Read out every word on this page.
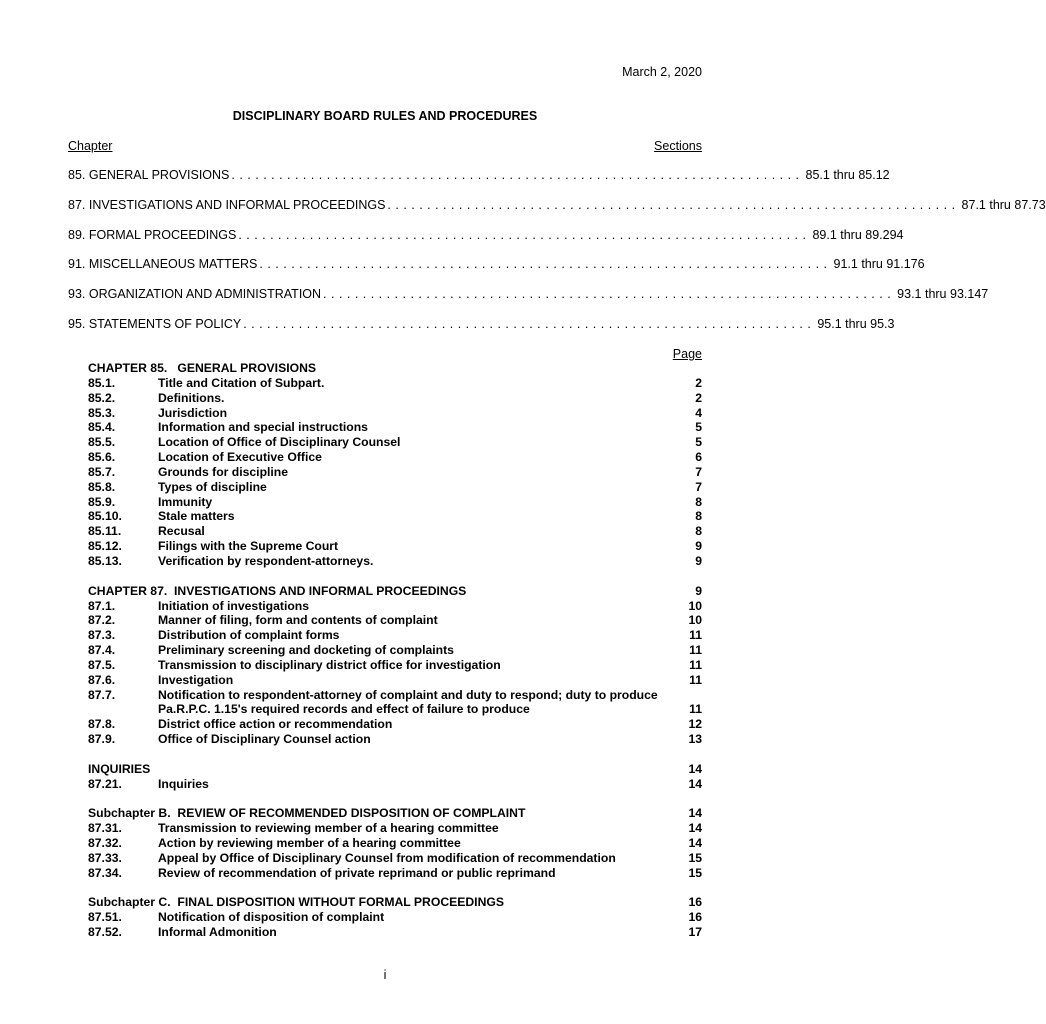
March 2, 2020
DISCIPLINARY BOARD RULES AND PROCEDURES
Chapter	Sections
85. GENERAL PROVISIONS . . . . . . . . . . . . . . . . . . . . . . . . . . . . . . . . . . . . . . . . . . . . . . . . . . . . . . . . . . . . . . . . . . . . . . . . 85.1 thru 85.12
87. INVESTIGATIONS AND INFORMAL PROCEEDINGS . . . . . . . . . . . . . . . . . . . . . . . . . . . . . . . . . . . . . . . . . . . . . . . . . . . . . . . . . . . . . . . . . . . . . . . . 87.1 thru 87.73
89. FORMAL PROCEEDINGS . . . . . . . . . . . . . . . . . . . . . . . . . . . . . . . . . . . . . . . . . . . . . . . . . . . . . . . . . . . . . . . . . . . . . . . . 89.1 thru 89.294
91. MISCELLANEOUS MATTERS . . . . . . . . . . . . . . . . . . . . . . . . . . . . . . . . . . . . . . . . . . . . . . . . . . . . . . . . . . . . . . . . . . . . . . . . 91.1 thru 91.176
93. ORGANIZATION AND ADMINISTRATION . . . . . . . . . . . . . . . . . . . . . . . . . . . . . . . . . . . . . . . . . . . . . . . . . . . . . . . . . . . . . . . . . . . . . . . . 93.1 thru 93.147
95. STATEMENTS OF POLICY . . . . . . . . . . . . . . . . . . . . . . . . . . . . . . . . . . . . . . . . . . . . . . . . . . . . . . . . . . . . . . . . . . . . . . . . 95.1 thru 95.3
Page
CHAPTER 85.   GENERAL PROVISIONS
85.1.	Title and Citation of Subpart.	2
85.2.	Definitions.	2
85.3.	Jurisdiction	4
85.4.	Information and special instructions	5
85.5.	Location of Office of Disciplinary Counsel	5
85.6.	Location of Executive Office	6
85.7.	Grounds for discipline	7
85.8.	Types of discipline	7
85.9.	Immunity	8
85.10.	Stale matters	8
85.11.	Recusal	8
85.12.	Filings with the Supreme Court	9
85.13.	Verification by respondent-attorneys.	9
CHAPTER 87.  INVESTIGATIONS AND INFORMAL PROCEEDINGS	9
87.1.	Initiation of investigations	10
87.2.	Manner of filing, form and contents of complaint	10
87.3.	Distribution of complaint forms	11
87.4.	Preliminary screening and docketing of complaints	11
87.5.	Transmission to disciplinary district office for investigation	11
87.6.	Investigation	11
87.7.	Notification to respondent-attorney of complaint and duty to respond; duty to produce
Pa.R.P.C. 1.15's required records and effect of failure to produce	11
87.8.	District office action or recommendation	12
87.9.	Office of Disciplinary Counsel action	13
INQUIRIES	14
87.21.	Inquiries	14
Subchapter B.  REVIEW OF RECOMMENDED DISPOSITION OF COMPLAINT	14
87.31.	Transmission to reviewing member of a hearing committee	14
87.32.	Action by reviewing member of a hearing committee	14
87.33.	Appeal by Office of Disciplinary Counsel from modification of recommendation	15
87.34.	Review of recommendation of private reprimand or public reprimand	15
Subchapter C.  FINAL DISPOSITION WITHOUT FORMAL PROCEEDINGS	16
87.51.	Notification of disposition of complaint	16
87.52.	Informal Admonition	17
i
